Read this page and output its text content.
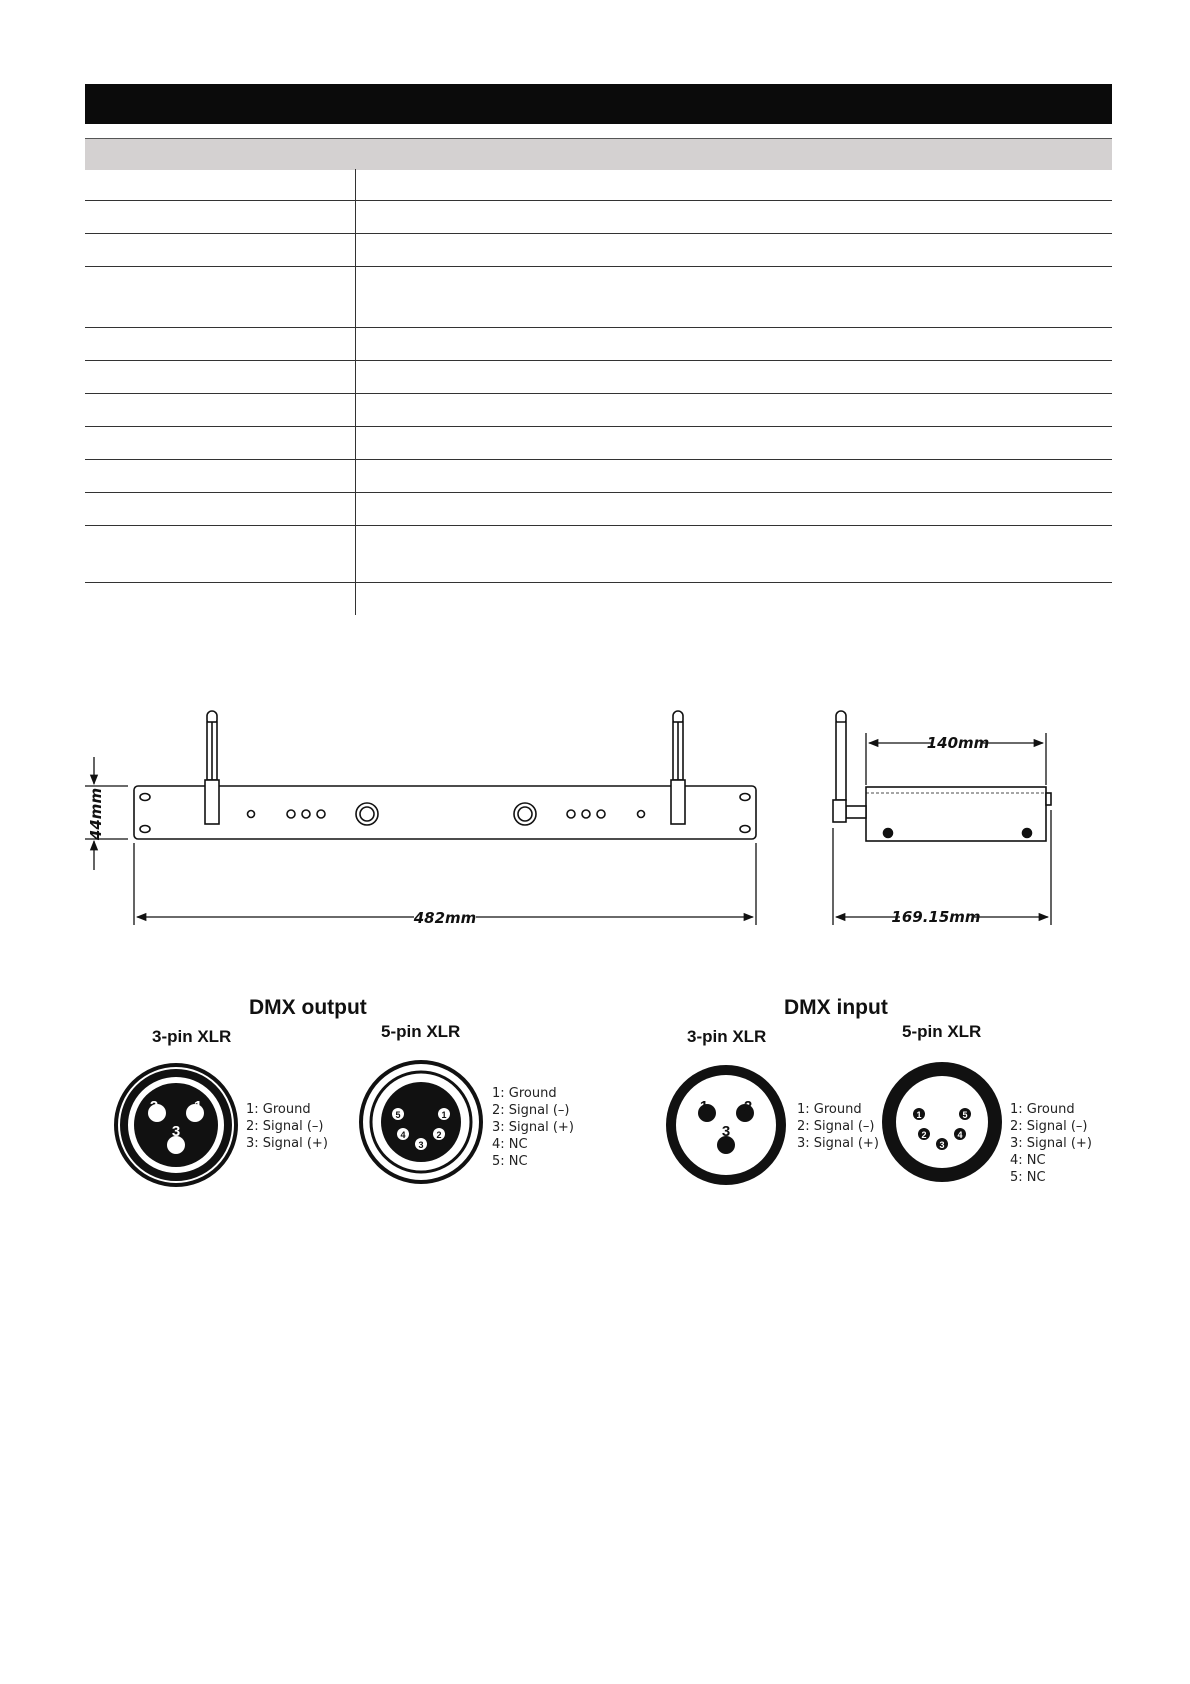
44mm
482mm
140mm
169.15mm
2 1
3
5	1
4	2
3
1 2
3
1	5
2	4
3
DMX output
3-pin XLR	5-pin XLR
DMX input
3-pin XLR	5-pin XLR
1: Ground
2: Signal (–)
3: Signal (+)
1: Ground
2: Signal (–)
3: Signal (+)
4: NC
5: NC
1: Ground
2: Signal (–)
3: Signal (+)
1: Ground
2: Signal (–)
3: Signal (+)
4: NC
5: NC
